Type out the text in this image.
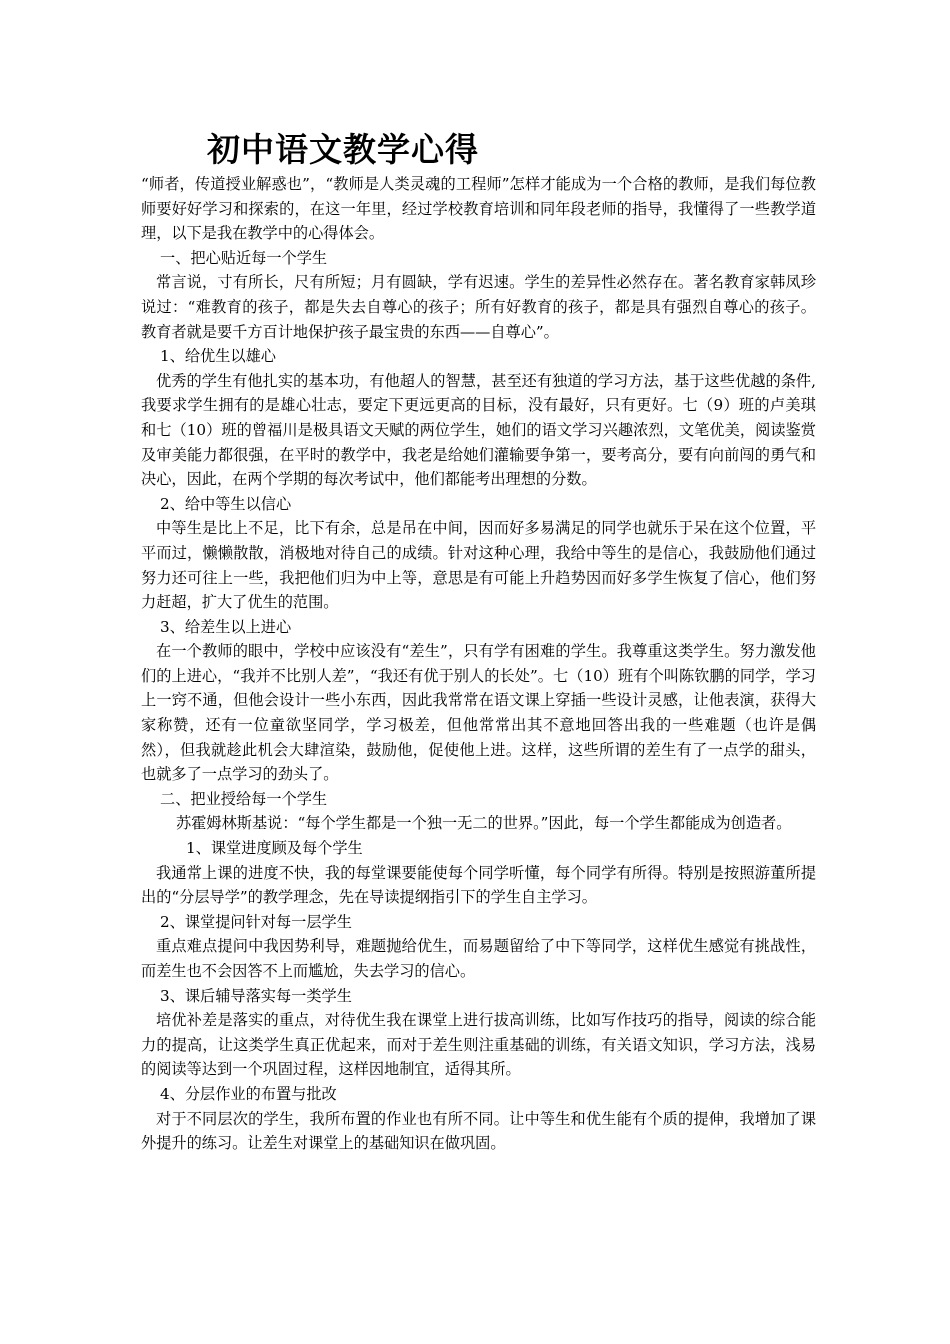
初中语文教学心得

“师者，传道授业解惑也”，“教师是人类灵魂的工程师”怎样才能成为一个合格的教师，是我们每位教师要好好学习和探索的，在这一年里，经过学校教育培训和同年段老师的指导，我懂得了一些教学道理，以下是我在教学中的心得体会。

一、把心贴近每一个学生

常言说，寸有所长，尺有所短；月有圆缺，学有迟速。学生的差异性必然存在。著名教育家韩凤珍说过：“难教育的孩子，都是失去自尊心的孩子；所有好教育的孩子，都是具有强烈自尊心的孩子。教育者就是要千方百计地保护孩子最宝贵的东西——自尊心”。

1、给优生以雄心

优秀的学生有他扎实的基本功，有他超人的智慧，甚至还有独道的学习方法，基于这些优越的条件,我要求学生拥有的是雄心壮志，要定下更远更高的目标，没有最好，只有更好。七（9）班的卢美琪和七（10）班的曾福川是极具语文天赋的两位学生，她们的语文学习兴趣浓烈，文笔优美，阅读鉴赏及审美能力都很强，在平时的教学中，我老是给她们灌输要争第一，要考高分，要有向前闯的勇气和决心，因此，在两个学期的每次考试中，他们都能考出理想的分数。

2、给中等生以信心

中等生是比上不足，比下有余，总是吊在中间，因而好多易满足的同学也就乐于呆在这个位置，平平而过，懒懒散散，消极地对待自己的成绩。针对这种心理，我给中等生的是信心，我鼓励他们通过努力还可往上一些，我把他们归为中上等，意思是有可能上升趋势因而好多学生恢复了信心，他们努力赶超，扩大了优生的范围。

3、给差生以上进心

在一个教师的眼中，学校中应该没有“差生”，只有学有困难的学生。我尊重这类学生。努力激发他们的上进心，“我并不比别人差”，“我还有优于别人的长处”。七（10）班有个叫陈钦鹏的同学，学习上一窍不通，但他会设计一些小东西，因此我常常在语文课上穿插一些设计灵感，让他表演，获得大家称赞，还有一位童欲坚同学，学习极差，但他常常出其不意地回答出我的一些难题（也许是偶然），但我就趁此机会大肆渲染，鼓励他，促使他上进。这样，这些所谓的差生有了一点学的甜头，也就多了一点学习的劲头了。

二、把业授给每一个学生

苏霍姆林斯基说：“每个学生都是一个独一无二的世界。”因此，每一个学生都能成为创造者。

1、课堂进度顾及每个学生

我通常上课的进度不快，我的每堂课要能使每个同学听懂，每个同学有所得。特别是按照游董所提出的“分层导学”的教学理念，先在导读提纲指引下的学生自主学习。

2、课堂提问针对每一层学生

重点难点提问中我因势利导，难题抛给优生，而易题留给了中下等同学，这样优生感觉有挑战性，而差生也不会因答不上而尴尬，失去学习的信心。

3、课后辅导落实每一类学生

培优补差是落实的重点，对待优生我在课堂上进行拔高训练，比如写作技巧的指导，阅读的综合能力的提高，让这类学生真正优起来，而对于差生则注重基础的训练，有关语文知识，学习方法，浅易的阅读等达到一个巩固过程，这样因地制宜，适得其所。

4、分层作业的布置与批改

对于不同层次的学生，我所布置的作业也有所不同。让中等生和优生能有个质的提伸，我增加了课外提升的练习。让差生对课堂上的基础知识在做巩固。
